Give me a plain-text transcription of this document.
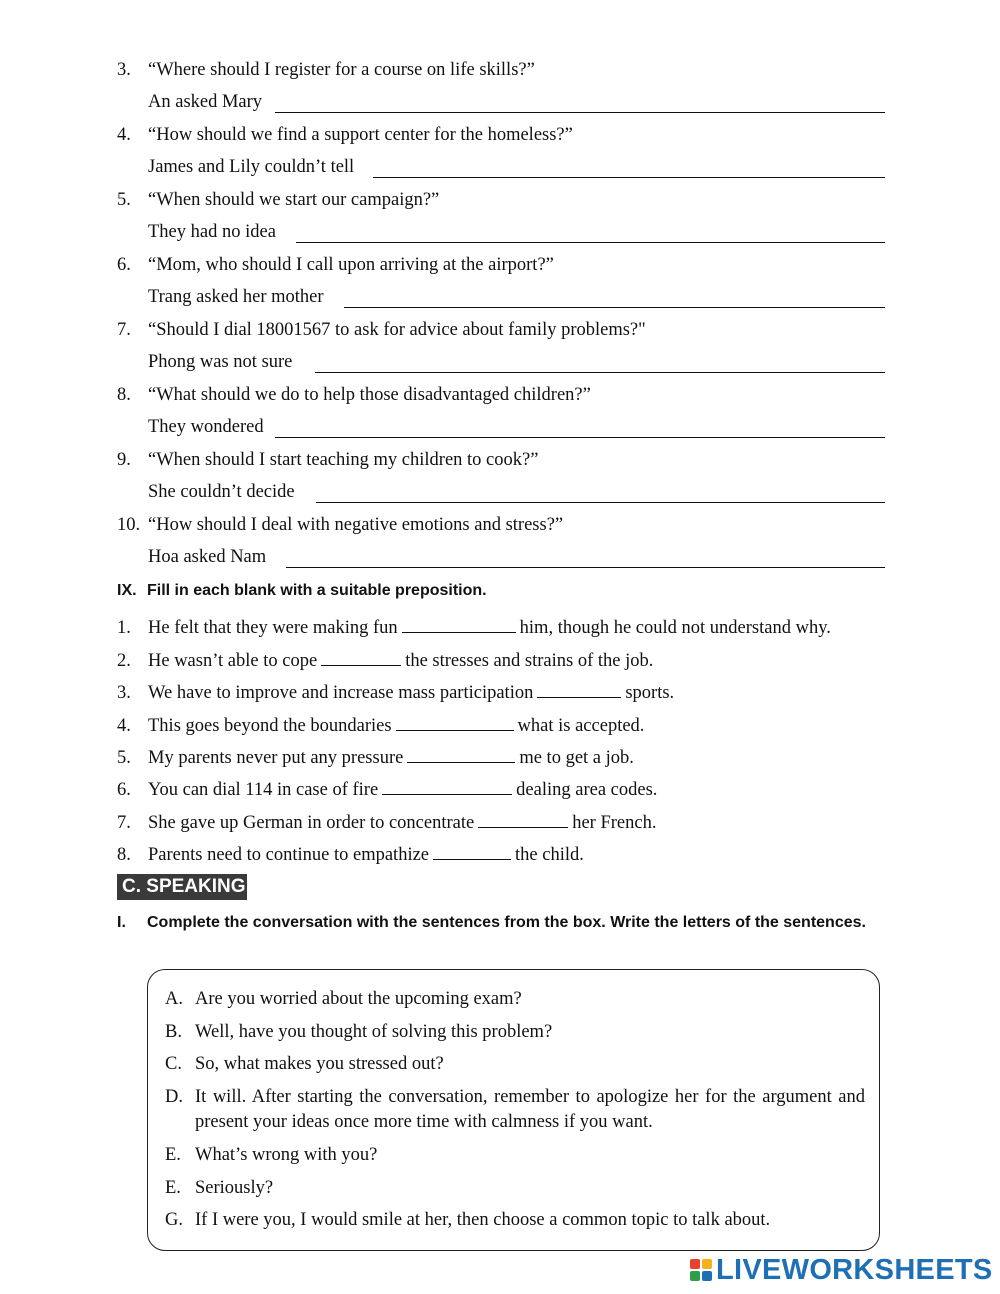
3. “Where should I register for a course on life skills?”
An asked Mary
4. “How should we find a support center for the homeless?”
James and Lily couldn’t tell
5. “When should we start our campaign?”
They had no idea
6. “Mom, who should I call upon arriving at the airport?”
Trang asked her mother
7. “Should I dial 18001567 to ask for advice about family problems?"
Phong was not sure
8. “What should we do to help those disadvantaged children?”
They wondered
9. “When should I start teaching my children to cook?”
She couldn’t decide
10. “How should I deal with negative emotions and stress?”
Hoa asked Nam
IX. Fill in each blank with a suitable preposition.
1. He felt that they were making fun	him, though he could not understand why.
2. He wasn’t able to cope	the stresses and strains of the job.
3. We have to improve and increase mass participation	sports.
4. This goes beyond the boundaries	what is accepted.
5. My parents never put any pressure	me to get a job.
6. You can dial 114 in case of fire	dealing area codes.
7. She gave up German in order to concentrate	her French.
8. Parents need to continue to empathize	the child.
C. SPEAKING
I. Complete the conversation with the sentences from the box. Write the letters of the sentences.
A. Are you worried about the upcoming exam?
B. Well, have you thought of solving this problem?
C. So, what makes you stressed out?
D. It will. After starting the conversation, remember to apologize her for the argument and present your ideas once more time with calmness if you want.
E. What’s wrong with you?
E. Seriously?
G. If I were you, I would smile at her, then choose a common topic to talk about.
LIVEWORKSHEETS
